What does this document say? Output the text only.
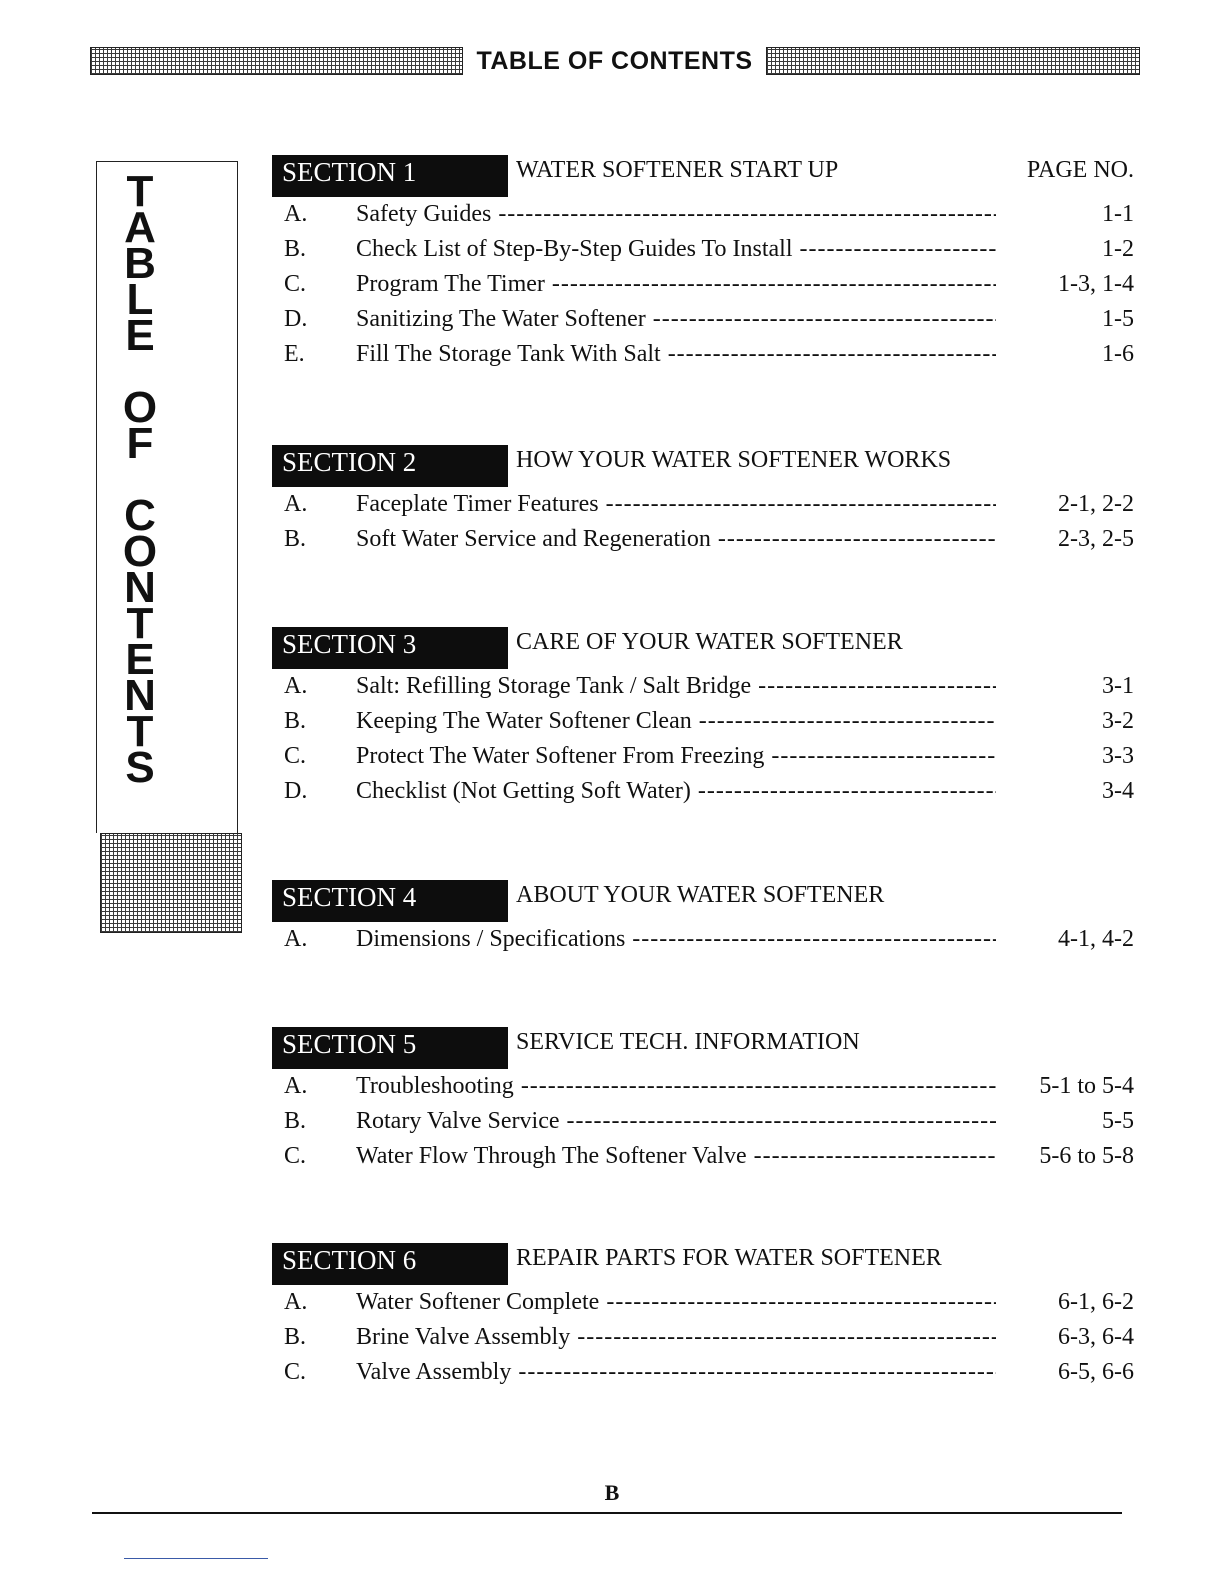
TABLE OF CONTENTS
T
A
B
L
E
O
F
C
O
N
T
E
N
T
S
SECTION 1	WATER SOFTENER START UP	PAGE NO.
A. Safety Guides -----	1-1
B. Check List of Step-By-Step Guides To Install -----	1-2
C. Program The Timer -----	1-3, 1-4
D. Sanitizing The Water Softener -----	1-5
E. Fill The Storage Tank With Salt -----	1-6
SECTION 2	HOW YOUR WATER SOFTENER WORKS
A. Faceplate Timer Features -----	2-1, 2-2
B. Soft Water Service and Regeneration -----	2-3, 2-5
SECTION 3	CARE OF YOUR WATER SOFTENER
A. Salt: Refilling Storage Tank / Salt Bridge -----	3-1
B. Keeping The Water Softener Clean -----	3-2
C. Protect The Water Softener From Freezing -----	3-3
D. Checklist (Not Getting Soft Water) -----	3-4
SECTION 4	ABOUT YOUR WATER SOFTENER
A. Dimensions / Specifications -----	4-1, 4-2
SECTION 5	SERVICE TECH. INFORMATION
A. Troubleshooting -----	5-1 to 5-4
B. Rotary Valve Service -----	5-5
C. Water Flow Through The Softener Valve -----	5-6 to 5-8
SECTION 6	REPAIR PARTS FOR WATER SOFTENER
A. Water Softener Complete -----	6-1, 6-2
B. Brine Valve Assembly -----	6-3, 6-4
C. Valve Assembly -----	6-5, 6-6
B
